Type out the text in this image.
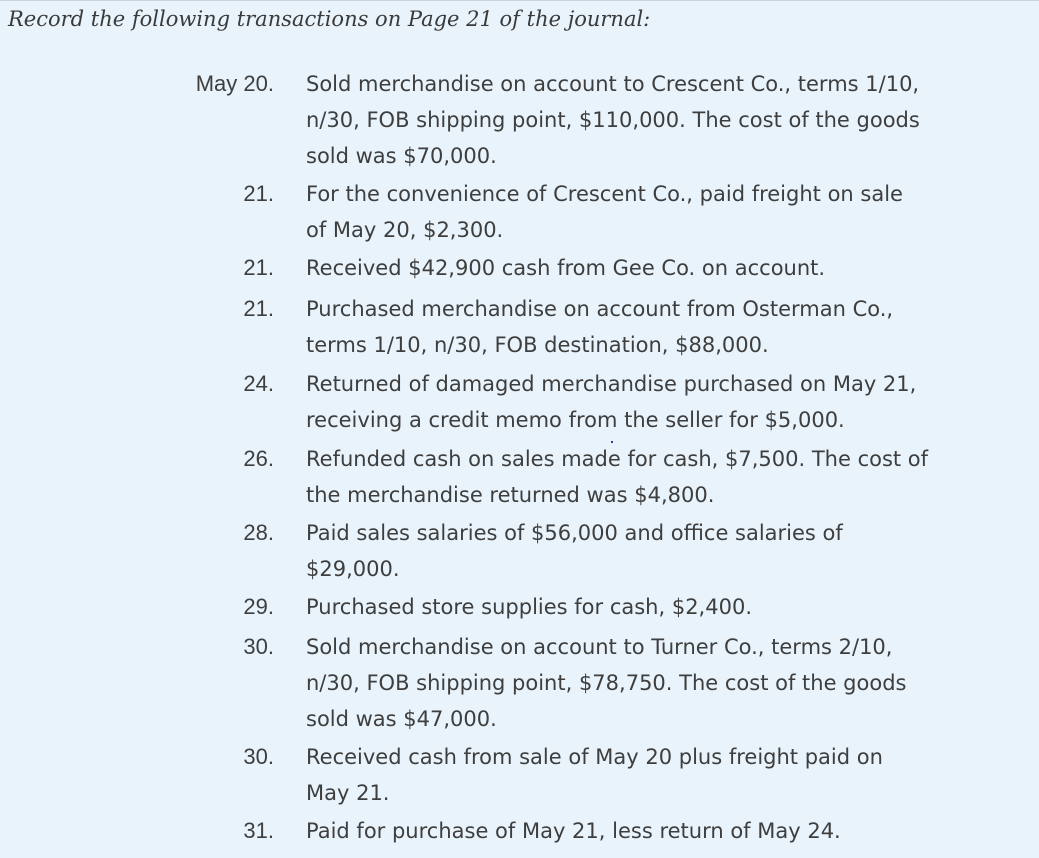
Record the following transactions on Page 21 of the journal:
May 20. Sold merchandise on account to Crescent Co., terms 1/10,
n/30, FOB shipping point, $110,000. The cost of the goods
sold was $70,000.
21. For the convenience of Crescent Co., paid freight on sale
of May 20, $2,300.
21. Received $42,900 cash from Gee Co. on account.
21. Purchased merchandise on account from Osterman Co.,
terms 1/10, n/30, FOB destination, $88,000.
24. Returned of damaged merchandise purchased on May 21,
receiving a credit memo from the seller for $5,000.
26. Refunded cash on sales made for cash, $7,500. The cost of
the merchandise returned was $4,800.
28. Paid sales salaries of $56,000 and office salaries of
$29,000.
29. Purchased store supplies for cash, $2,400.
30. Sold merchandise on account to Turner Co., terms 2/10,
n/30, FOB shipping point, $78,750. The cost of the goods
sold was $47,000.
30. Received cash from sale of May 20 plus freight paid on
May 21.
31. Paid for purchase of May 21, less return of May 24.
